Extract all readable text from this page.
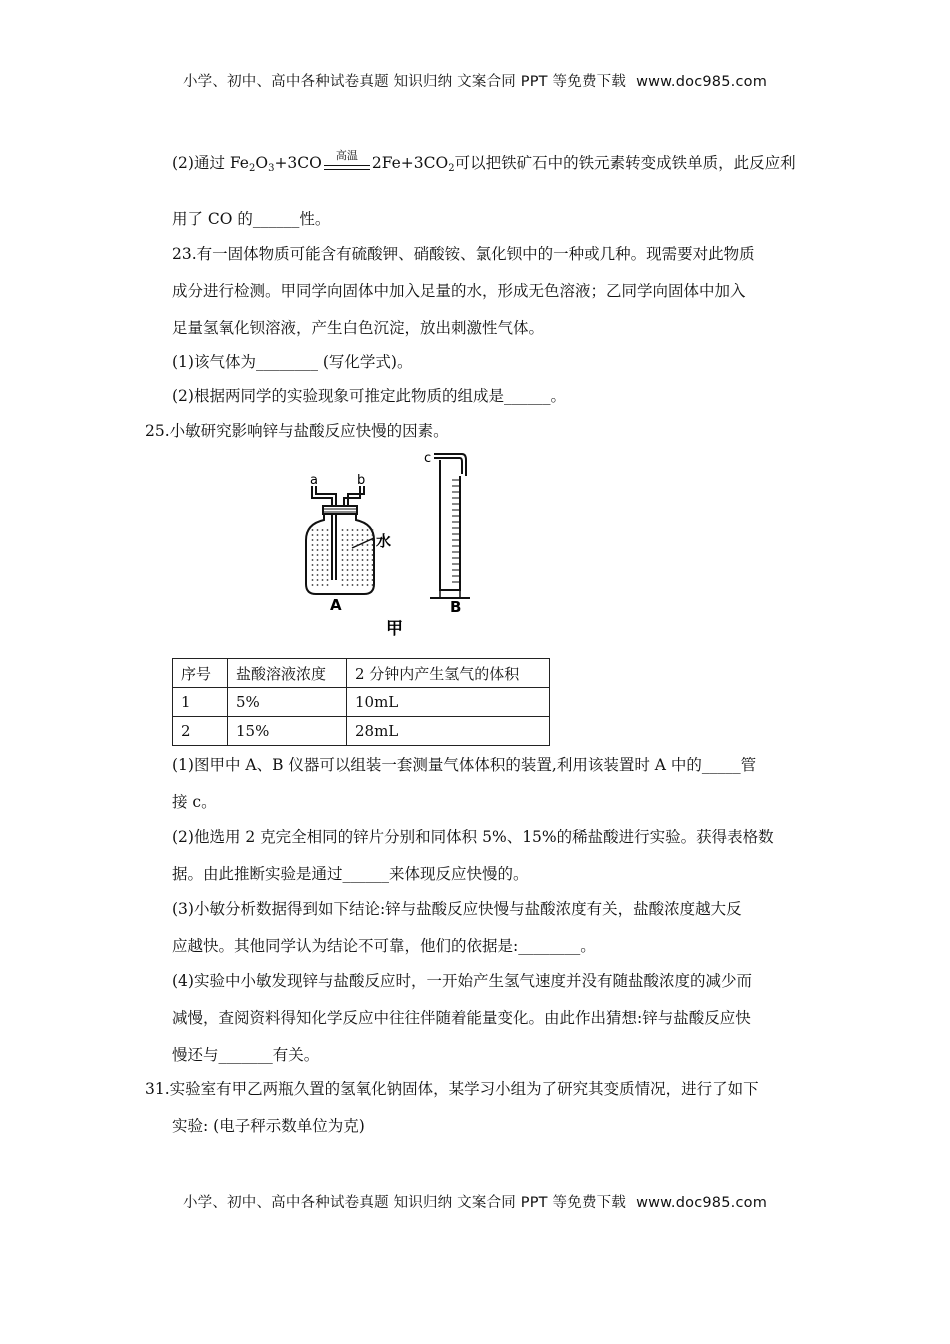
小学、初中、高中各种试卷真题 知识归纳 文案合同 PPT 等免费下载 www.doc985.com
(2)通过 $Fe_2O_3+3CO$	高温 $2Fe+3CO_2$可以把铁矿石中的铁元素转变成铁单质，此反应利
用了 CO 的______性。
23.有一固体物质可能含有硫酸钾、硝酸铵、氯化钡中的一种或几种。现需要对此物质
成分进行检测。甲同学向固体中加入足量的水，形成无色溶液；乙同学向固体中加入
足量氢氧化钡溶液，产生白色沉淀，放出刺激性气体。
(1)该气体为________ (写化学式)。
(2)根据两同学的实验现象可推定此物质的组成是______。
25.小敏研究影响锌与盐酸反应快慢的因素。
水
a	b
A
c
B
甲
序号	盐酸溶液浓度	2 分钟内产生氢气的体积
1	5%	10mL
2	15%	28mL
(1)图甲中 A、B 仪器可以组装一套测量气体体积的装置,利用该装置时 A 中的_____管
接 c。
(2)他选用 2 克完全相同的锌片分别和同体积 5%、15%的稀盐酸进行实验。获得表格数
据。由此推断实验是通过______来体现反应快慢的。
(3)小敏分析数据得到如下结论:锌与盐酸反应快慢与盐酸浓度有关，盐酸浓度越大反
应越快。其他同学认为结论不可靠，他们的依据是:________。
(4)实验中小敏发现锌与盐酸反应时，一开始产生氢气速度并没有随盐酸浓度的减少而
减慢，查阅资料得知化学反应中往往伴随着能量变化。由此作出猜想:锌与盐酸反应快
慢还与_______有关。
31.实验室有甲乙两瓶久置的氢氧化钠固体，某学习小组为了研究其变质情况，进行了如下
实验: (电子秤示数单位为克)
小学、初中、高中各种试卷真题 知识归纳 文案合同 PPT 等免费下载 www.doc985.com
